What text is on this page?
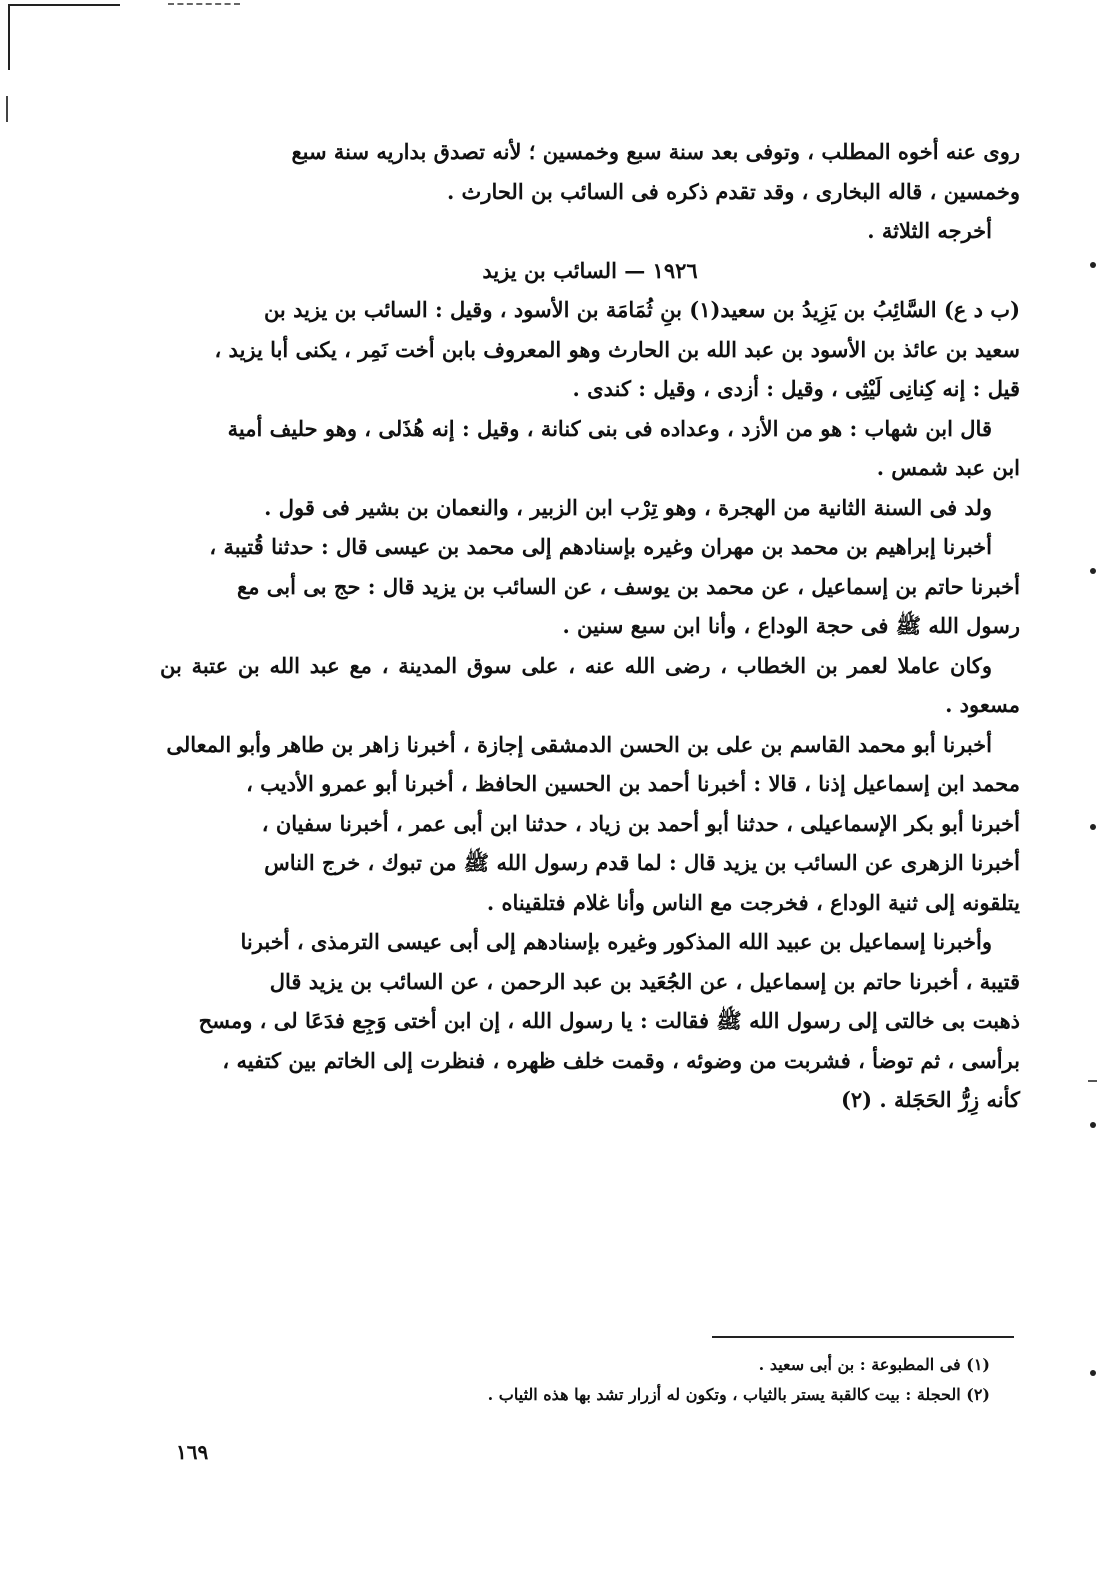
روى عنه أخوه المطلب ، وتوفى بعد سنة سبع وخمسين ؛ لأنه تصدق بداريه سنة سبع
وخمسين ، قاله البخارى ، وقد تقدم ذكره فى السائب بن الحارث .

أخرجه الثلاثة .

١٩٢٦ — السائب بن يزيد

(ب د ع) السَّائِبُ بن يَزِيدُ بن سعيد(١) بنِ ثُمَامَة بن الأسود ، وقيل : السائب بن يزيد بن
سعيد بن عائذ بن الأسود بن عبد الله بن الحارث وهو المعروف بابن أخت نَمِر ، يكنى أبا يزيد ،
قيل : إنه كِنانِى لَيْثِى ، وقيل : أزدى ، وقيل : كندى .

قال ابن شهاب : هو من الأزد ، وعداده فى بنى كنانة ، وقيل : إنه هُذَلى ، وهو حليف أمية
ابن عبد شمس .

ولد فى السنة الثانية من الهجرة ، وهو تِرْب ابن الزبير ، والنعمان بن بشير فى قول .

أخبرنا إبراهيم بن محمد بن مهران وغيره بإسنادهم إلى محمد بن عيسى قال : حدثنا قُتيبة ،
أخبرنا حاتم بن إسماعيل ، عن محمد بن يوسف ، عن السائب بن يزيد قال : حج بى أبى مع
رسول الله ﷺ فى حجة الوداع ، وأنا ابن سبع سنين .

وكان عاملا لعمر بن الخطاب ، رضى الله عنه ، على سوق المدينة ، مع عبد الله بن عتبة بن مسعود .

أخبرنا أبو محمد القاسم بن على بن الحسن الدمشقى إجازة ، أخبرنا زاهر بن طاهر وأبو المعالى
محمد ابن إسماعيل إذنا ، قالا : أخبرنا أحمد بن الحسين الحافظ ، أخبرنا أبو عمرو الأديب ،
أخبرنا أبو بكر الإسماعيلى ، حدثنا أبو أحمد بن زياد ، حدثنا ابن أبى عمر ، أخبرنا سفيان ،
أخبرنا الزهرى عن السائب بن يزيد قال : لما قدم رسول الله ﷺ من تبوك ، خرج الناس
يتلقونه إلى ثنية الوداع ، فخرجت مع الناس وأنا غلام فتلقيناه .

وأخبرنا إسماعيل بن عبيد الله المذكور وغيره بإسنادهم إلى أبى عيسى الترمذى ، أخبرنا
قتيبة ، أخبرنا حاتم بن إسماعيل ، عن الجُعَيد بن عبد الرحمن ، عن السائب بن يزيد قال
ذهبت بى خالتى إلى رسول الله ﷺ فقالت : يا رسول الله ، إن ابن أختى وَجِع فدَعَا لى ، ومسح
برأسى ، ثم توضأ ، فشربت من وضوئه ، وقمت خلف ظهره ، فنظرت إلى الخاتم بين كتفيه ،
كأنه زِرُّ الحَجَلة . (٢)

(١) فى المطبوعة : بن أبى سعيد .

(٢) الحجلة : بيت كالقبة يستر بالثياب ، وتكون له أزرار تشد بها هذه الثياب .

١٦٩
